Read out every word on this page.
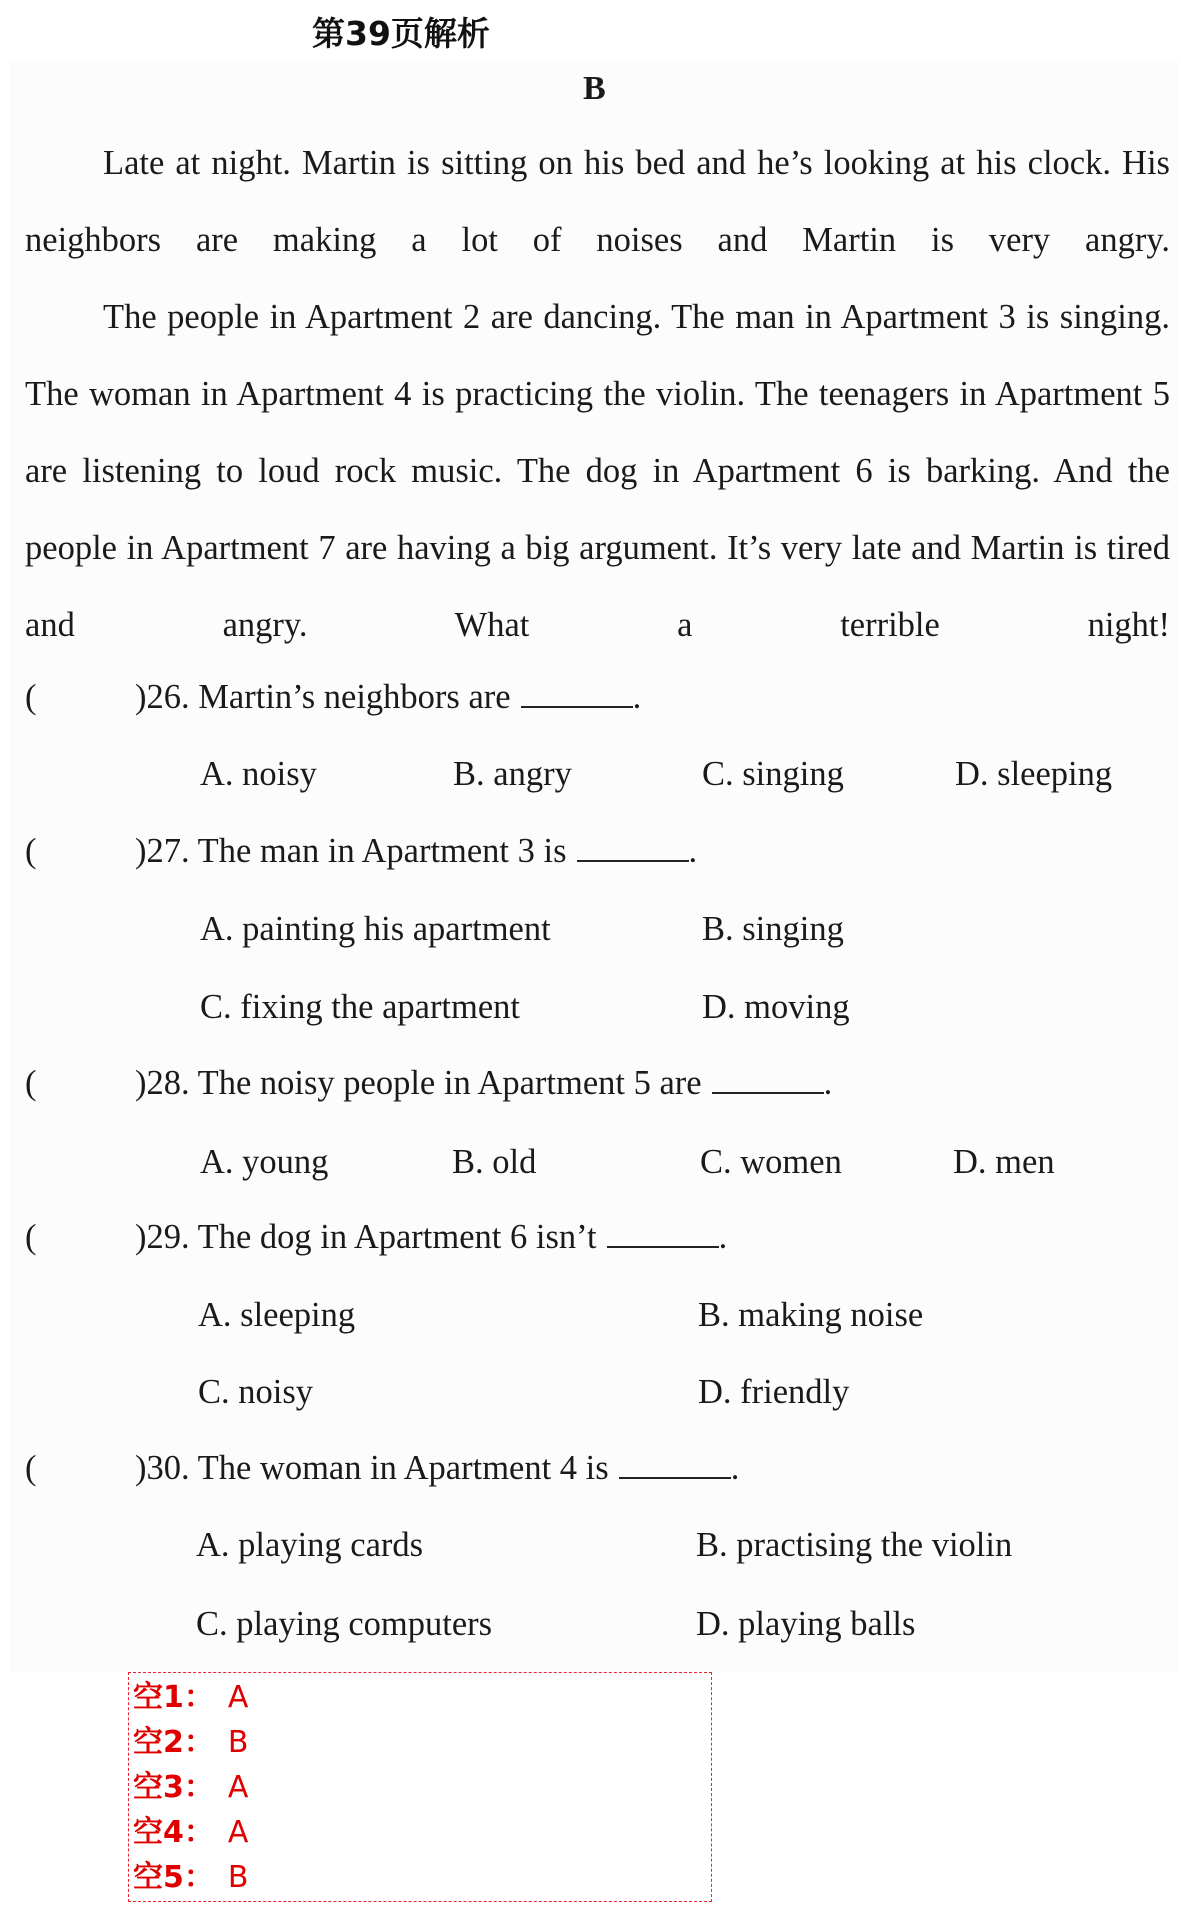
第39页解析
B

Late at night. Martin is sitting on his bed and he’s looking at his clock. His neighbors are making a lot of noises and Martin is very angry.

The people in Apartment 2 are dancing. The man in Apartment 3 is singing. The woman in Apartment 4 is practicing the violin. The teenagers in Apartment 5 are listening to loud rock music. The dog in Apartment 6 is barking. And the people in Apartment 7 are having a big argument. It’s very late and Martin is tired and angry. What a terrible night!

(	)26. Martin’s neighbors are	.
A. noisy	B. angry	C. singing	D. sleeping
(	)27. The man in Apartment 3 is	.
A. painting his apartment	B. singing
C. fixing the apartment	D. moving
(	)28. The noisy people in Apartment 5 are	.
A. young	B. old	C. women	D. men
(	)29. The dog in Apartment 6 isn’t	.
A. sleeping	B. making noise
C. noisy	D. friendly
(	)30. The woman in Apartment 4 is	.
A. playing cards	B. practising the violin
C. playing computers	D. playing balls
空1： A
空2： B
空3： A
空4： A
空5： B
